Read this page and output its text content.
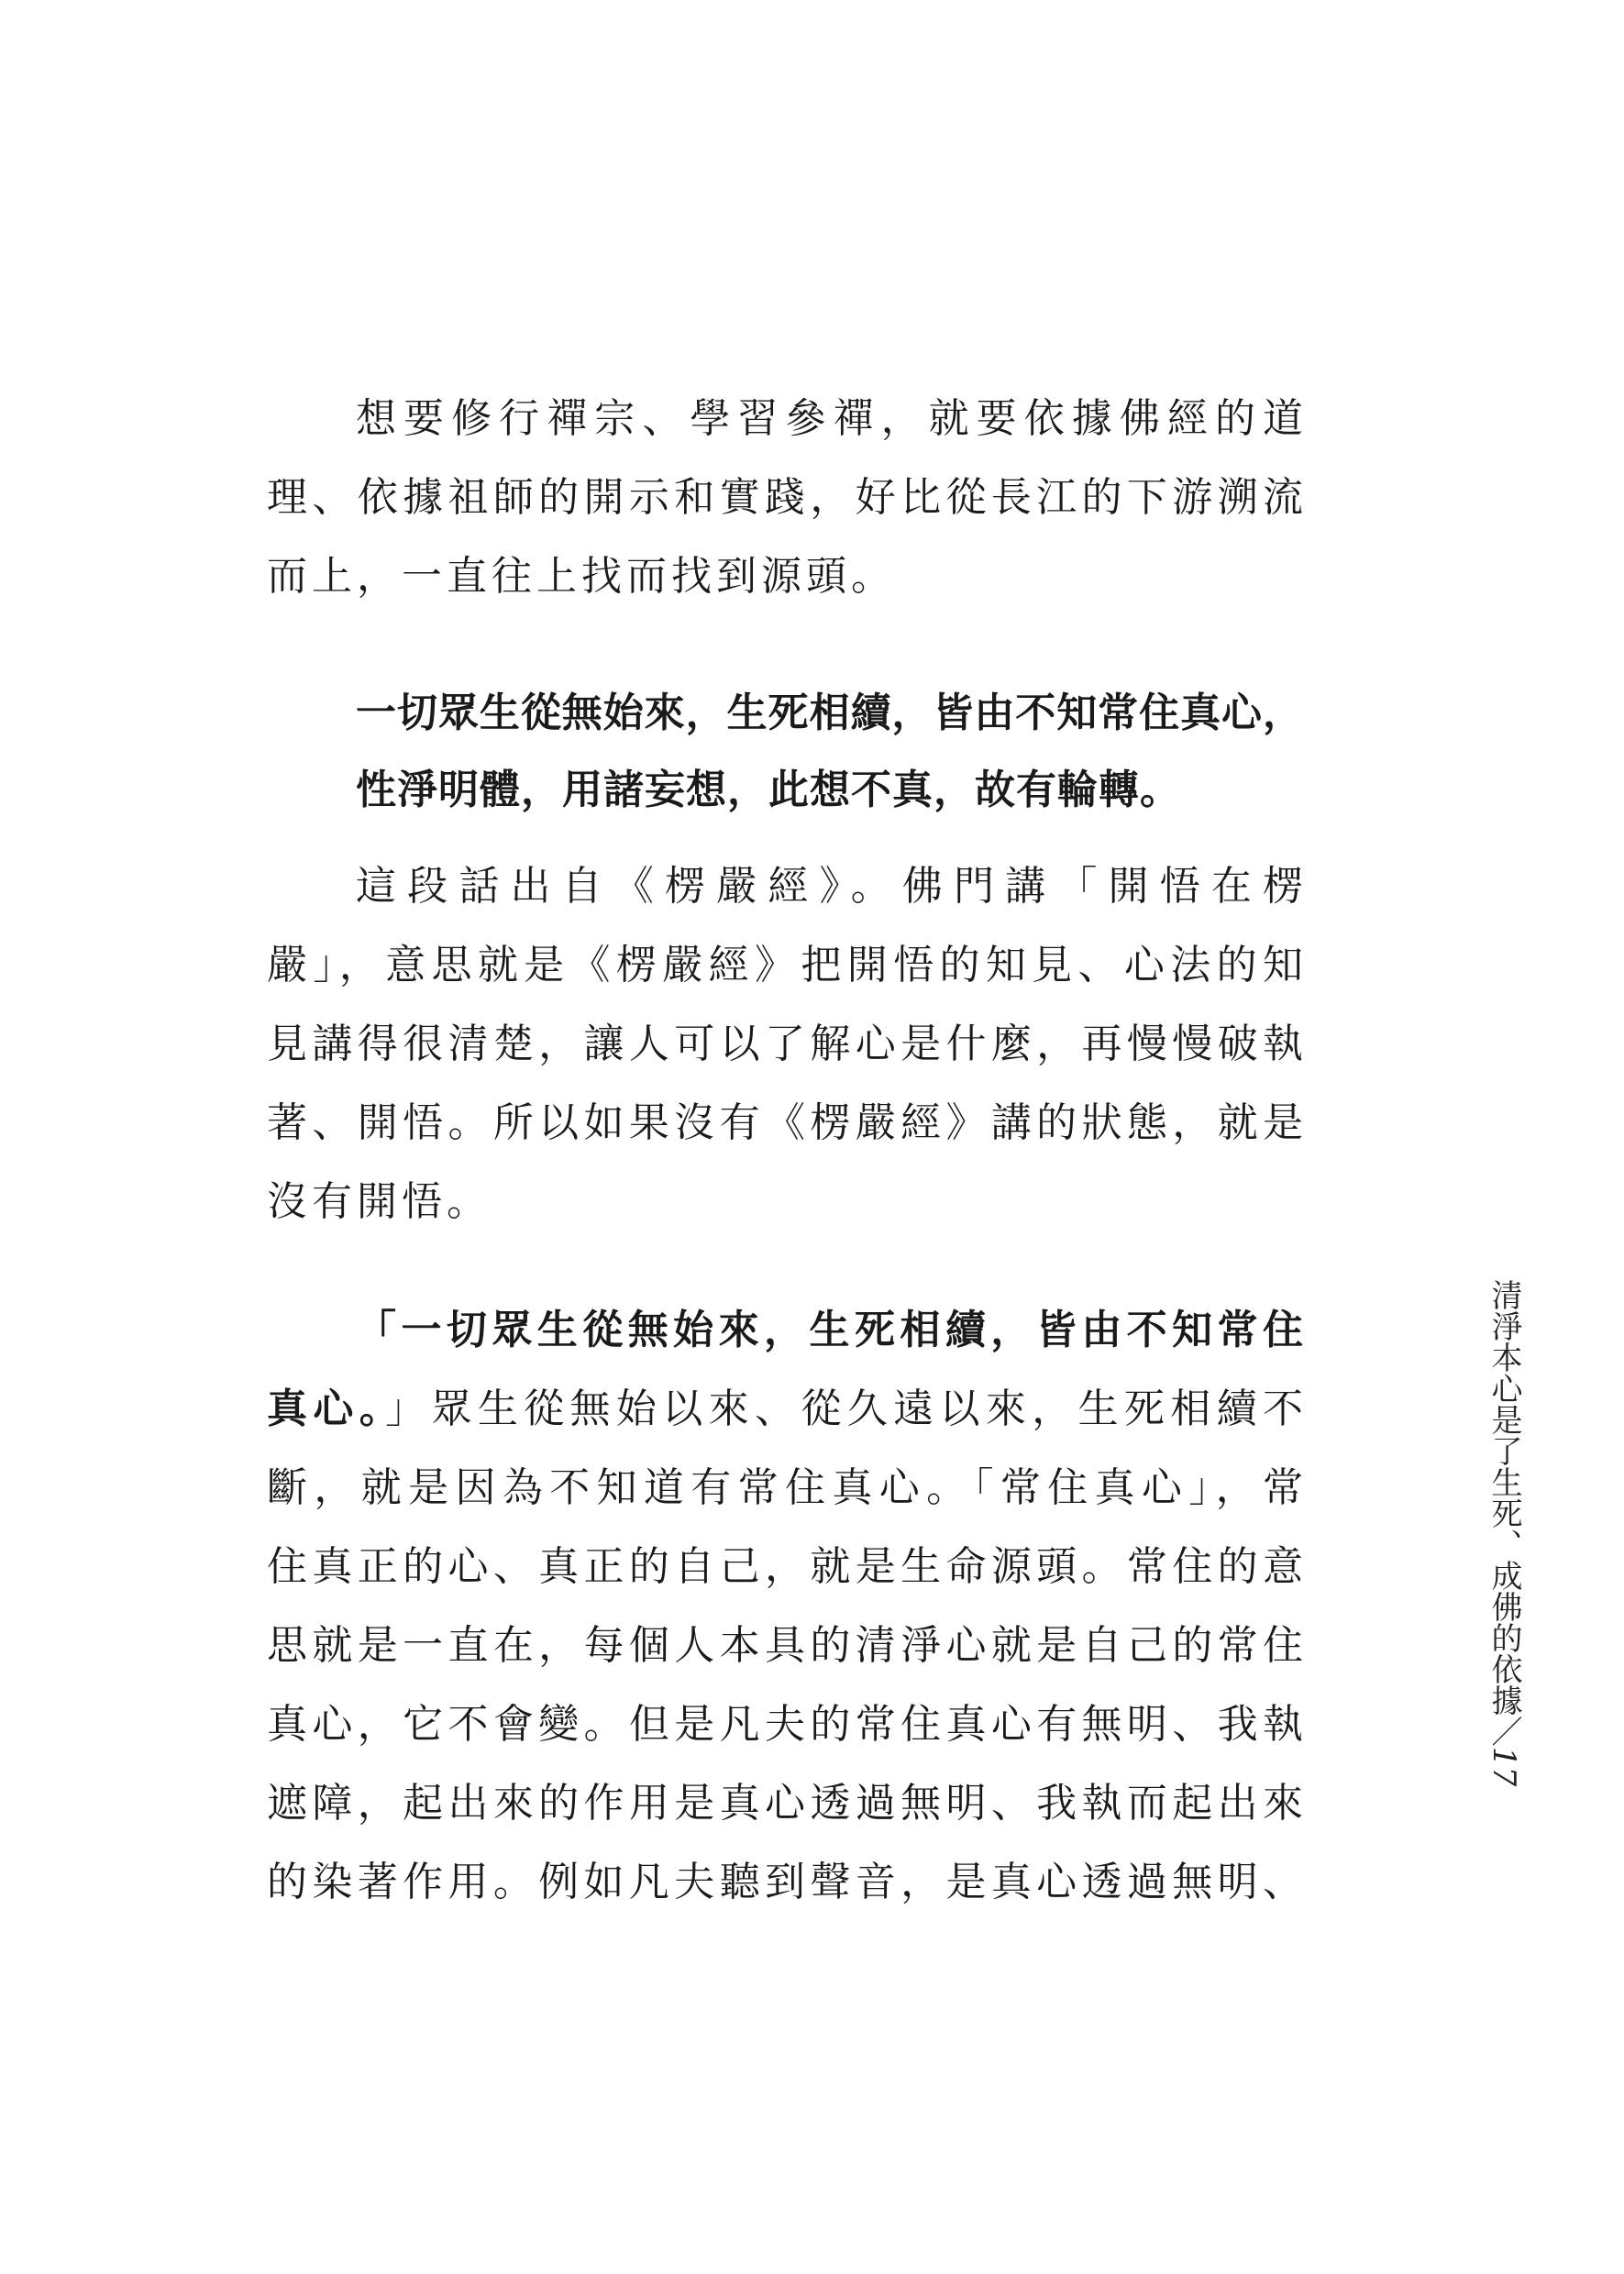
想要修行禪宗、學習參禪，就要依據佛經的道
理、依據祖師的開示和實踐，好比從長江的下游溯流
而上，一直往上找而找到源頭。
一切眾生從無始來，生死相續，皆由不知常住真心，
性淨明體，用諸妄想，此想不真，故有輪轉。
這段話出自《楞嚴經》。佛門講「開悟在楞
嚴」，意思就是《楞嚴經》把開悟的知見、心法的知
見講得很清楚，讓人可以了解心是什麼，再慢慢破執
著、開悟。所以如果沒有《楞嚴經》講的狀態，就是
沒有開悟。
「一切眾生從無始來，生死相續，皆由不知常住
真心。」眾生從無始以來、從久遠以來，生死相續不
斷，就是因為不知道有常住真心。「常住真心」，常
住真正的心、真正的自己，就是生命源頭。常住的意
思就是一直在，每個人本具的清淨心就是自己的常住
真心，它不會變。但是凡夫的常住真心有無明、我執
遮障，起出來的作用是真心透過無明、我執而起出來
的染著作用。例如凡夫聽到聲音，是真心透過無明、
清淨本心是了生死、成佛的依據／17
